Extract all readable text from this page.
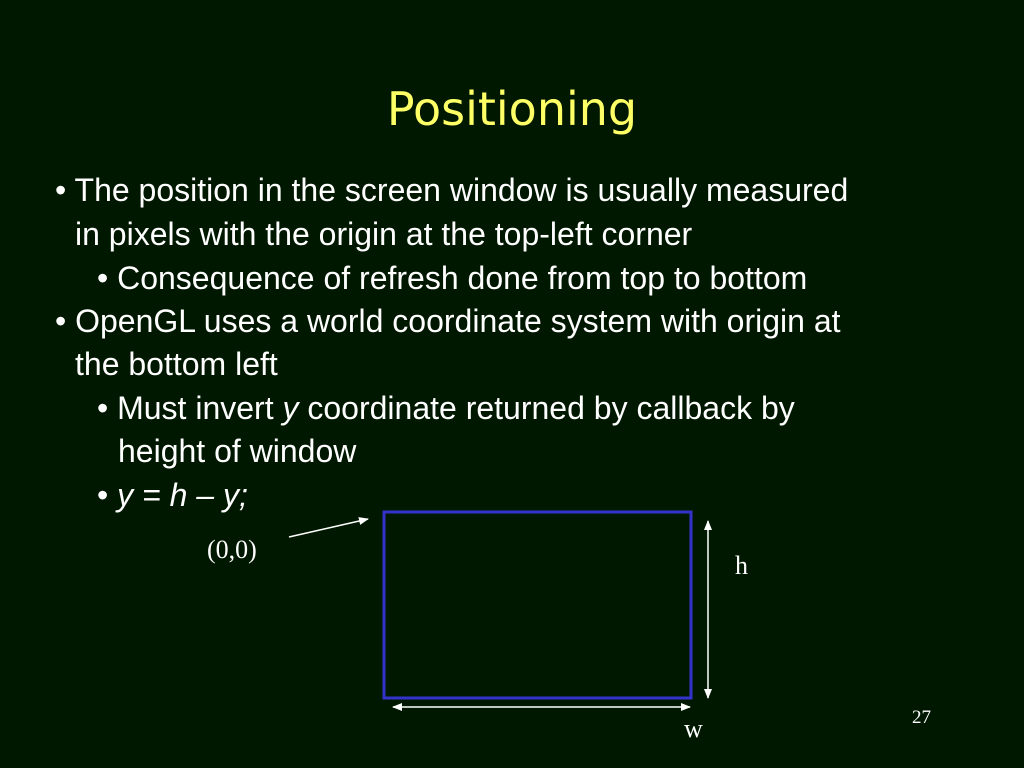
Positioning
• The position in the screen window is usually measured
in pixels with the origin at the top-left corner
• Consequence of refresh done from top to bottom
• OpenGL uses a world coordinate system with origin at
the bottom left
• Must invert y coordinate returned by callback by
height of window
• y = h – y;
(0,0)
h
w	27
